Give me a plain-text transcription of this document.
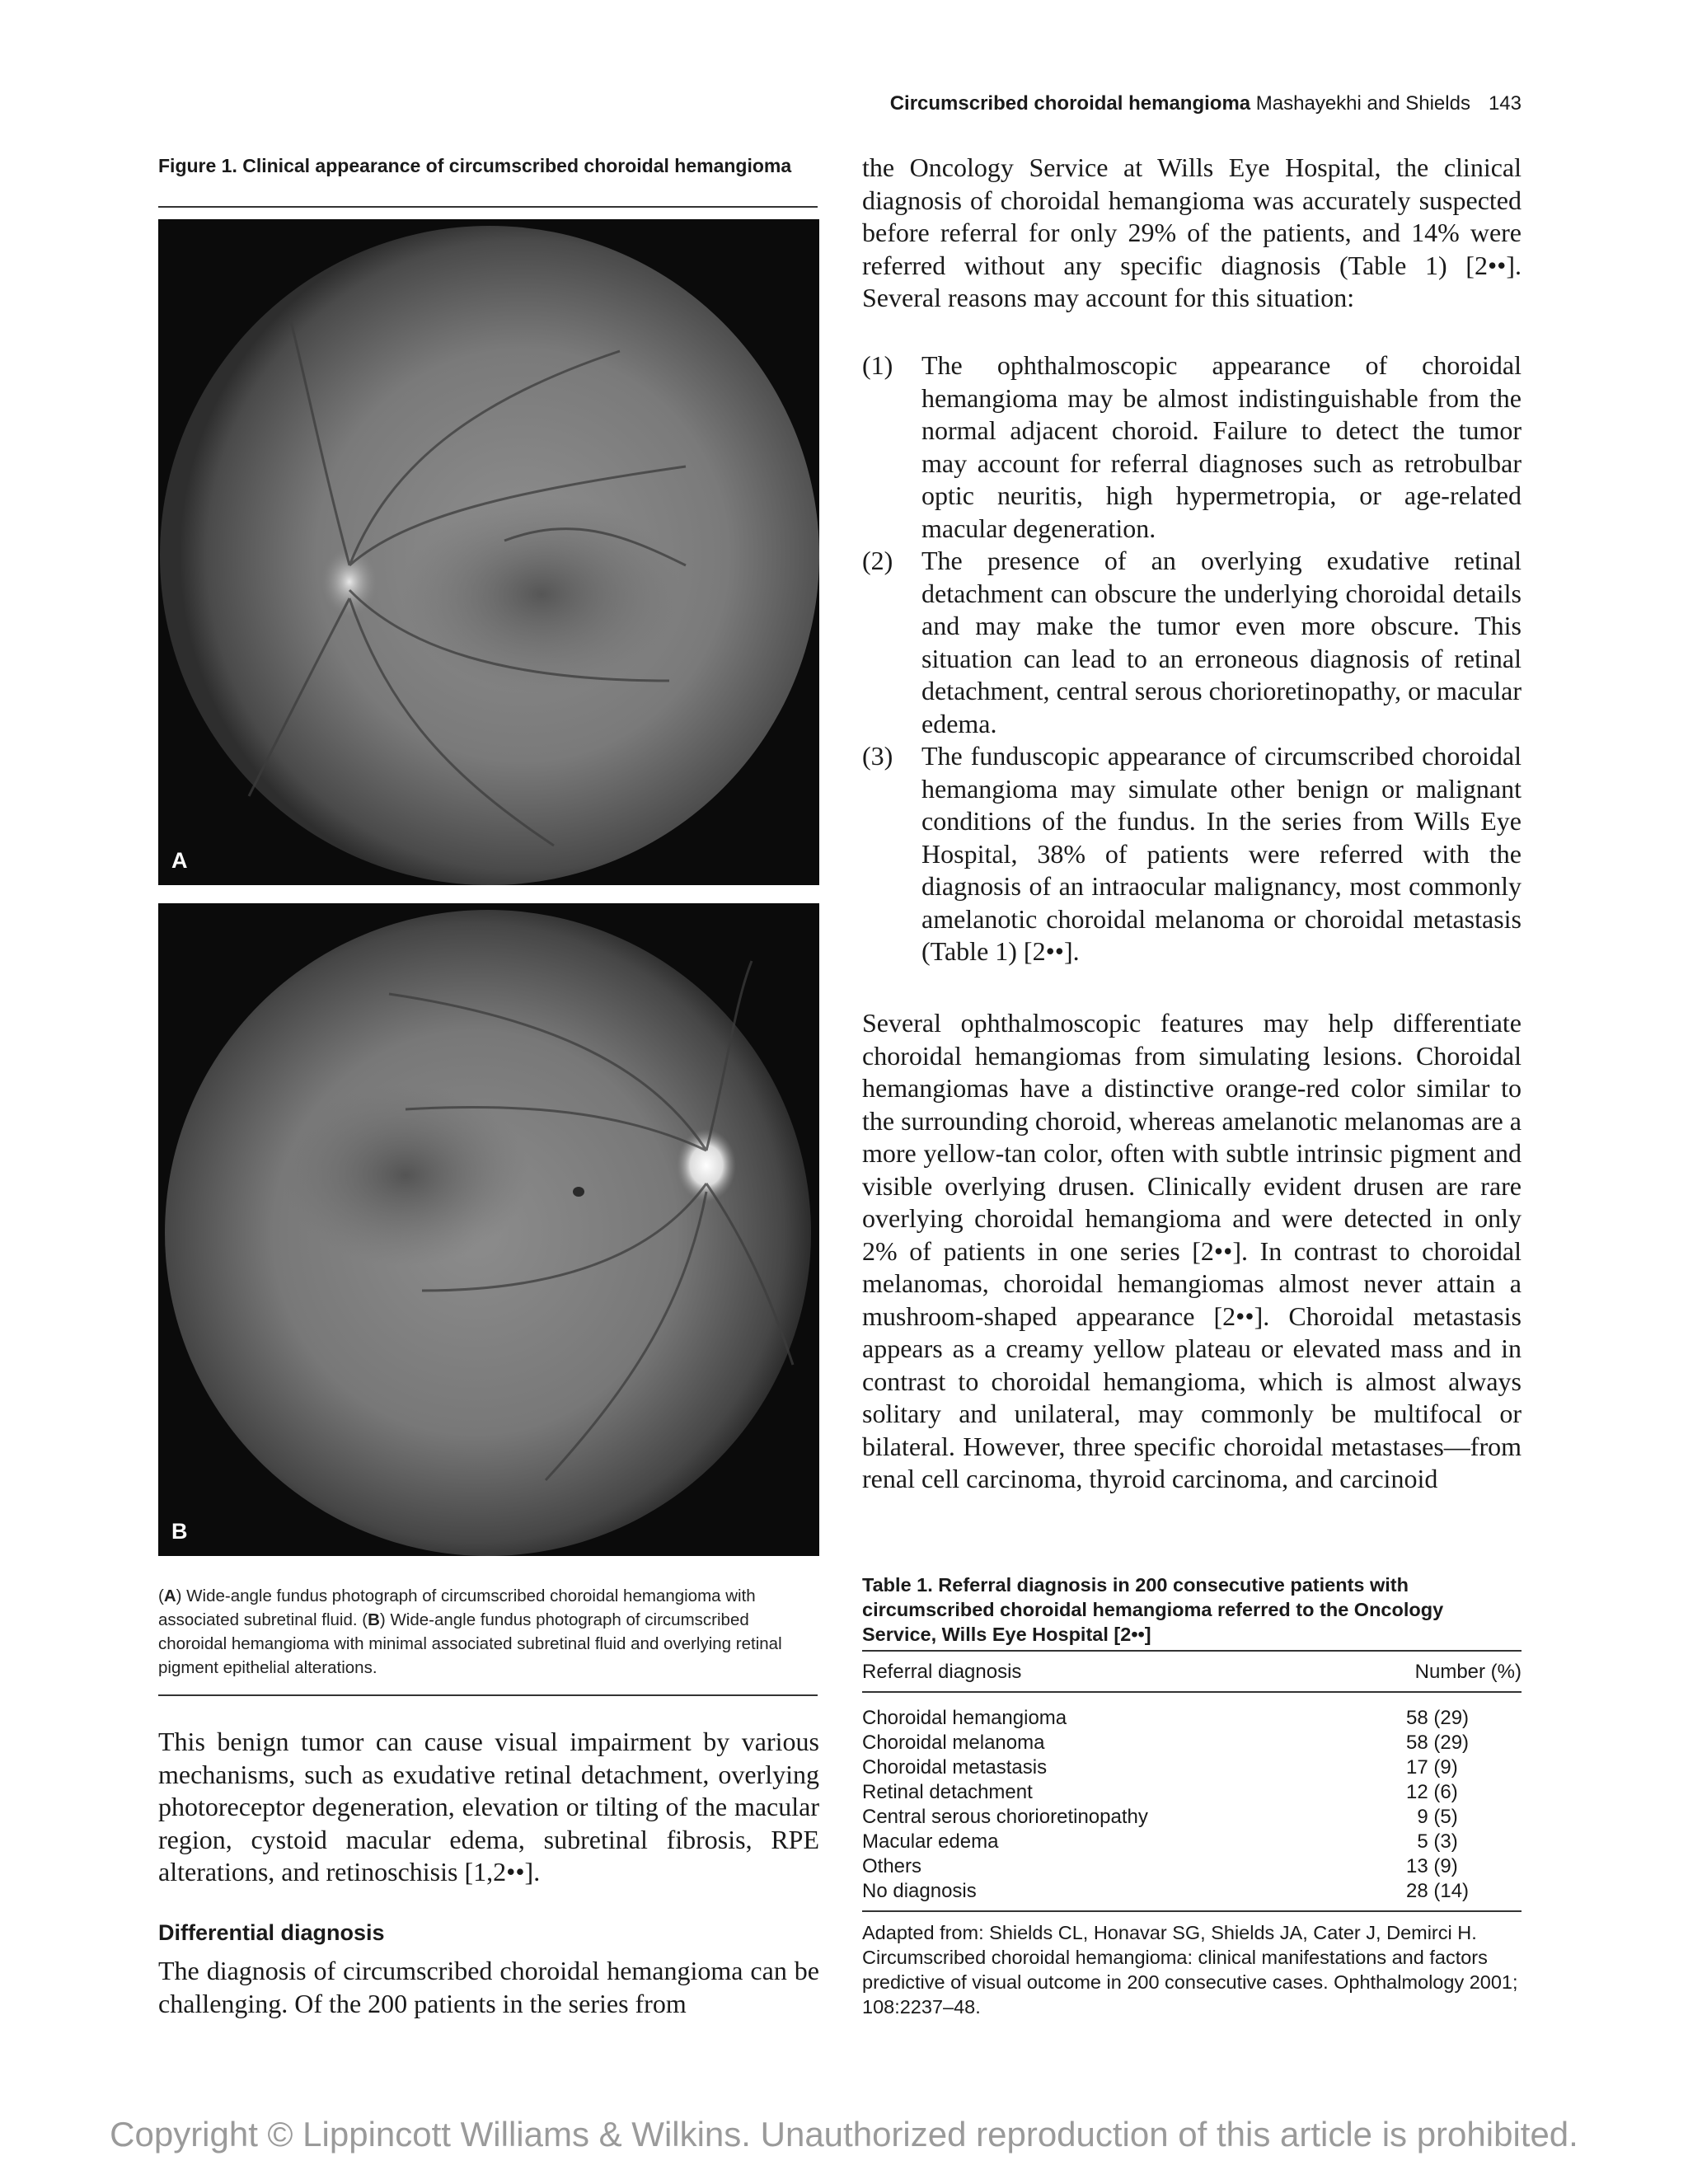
Circumscribed choroidal hemangioma Mashayekhi and Shields 143
Figure 1. Clinical appearance of circumscribed choroidal hemangioma
A
B
(A) Wide-angle fundus photograph of circumscribed choroidal hemangioma with associated subretinal fluid. (B) Wide-angle fundus photograph of circumscribed choroidal hemangioma with minimal associated subretinal fluid and overlying retinal pigment epithelial alterations.
This benign tumor can cause visual impairment by various mechanisms, such as exudative retinal detachment, overlying photoreceptor degeneration, elevation or tilting of the macular region, cystoid macular edema, subretinal fibrosis, RPE alterations, and retinoschisis [1,2••].
Differential diagnosis
The diagnosis of circumscribed choroidal hemangioma can be challenging. Of the 200 patients in the series from
the Oncology Service at Wills Eye Hospital, the clinical diagnosis of choroidal hemangioma was accurately suspected before referral for only 29% of the patients, and 14% were referred without any specific diagnosis (Table 1) [2••]. Several reasons may account for this situation:
(1) The ophthalmoscopic appearance of choroidal hemangioma may be almost indistinguishable from the normal adjacent choroid. Failure to detect the tumor may account for referral diagnoses such as retrobulbar optic neuritis, high hypermetropia, or age-related macular degeneration.
(2) The presence of an overlying exudative retinal detachment can obscure the underlying choroidal details and may make the tumor even more obscure. This situation can lead to an erroneous diagnosis of retinal detachment, central serous chorioretinopathy, or macular edema.
(3) The funduscopic appearance of circumscribed choroidal hemangioma may simulate other benign or malignant conditions of the fundus. In the series from Wills Eye Hospital, 38% of patients were referred with the diagnosis of an intraocular malignancy, most commonly amelanotic choroidal melanoma or choroidal metastasis (Table 1) [2••].
Several ophthalmoscopic features may help differentiate choroidal hemangiomas from simulating lesions. Choroidal hemangiomas have a distinctive orange-red color similar to the surrounding choroid, whereas amelanotic melanomas are a more yellow-tan color, often with subtle intrinsic pigment and visible overlying drusen. Clinically evident drusen are rare overlying choroidal hemangioma and were detected in only 2% of patients in one series [2••]. In contrast to choroidal melanomas, choroidal hemangiomas almost never attain a mushroom-shaped appearance [2••]. Choroidal metastasis appears as a creamy yellow plateau or elevated mass and in contrast to choroidal hemangioma, which is almost always solitary and unilateral, may commonly be multifocal or bilateral. However, three specific choroidal metastases—from renal cell carcinoma, thyroid carcinoma, and carcinoid
Table 1. Referral diagnosis in 200 consecutive patients with circumscribed choroidal hemangioma referred to the Oncology Service, Wills Eye Hospital [2••]
Referral diagnosis	Number (%)
Choroidal hemangioma	58 (29)
Choroidal melanoma	58 (29)
Choroidal metastasis	17 (9)
Retinal detachment	12 (6)
Central serous chorioretinopathy	9 (5)
Macular edema	5 (3)
Others	13 (9)
No diagnosis	28 (14)
Adapted from: Shields CL, Honavar SG, Shields JA, Cater J, Demirci H. Circumscribed choroidal hemangioma: clinical manifestations and factors predictive of visual outcome in 200 consecutive cases. Ophthalmology 2001; 108:2237–48.
Copyright © Lippincott Williams & Wilkins. Unauthorized reproduction of this article is prohibited.
